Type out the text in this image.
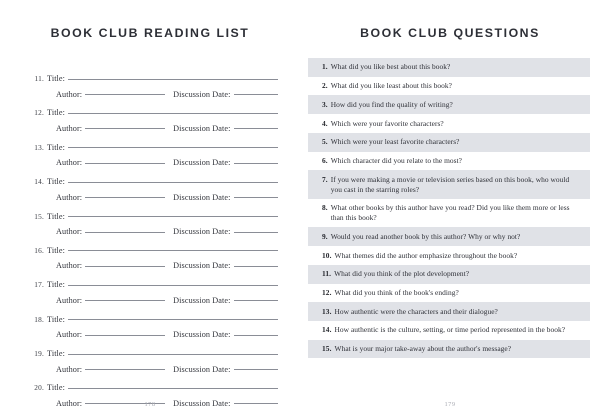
BOOK CLUB READING LIST
11. Title:
Author:	Discussion Date:
12. Title:
Author:	Discussion Date:
13. Title:
Author:	Discussion Date:
14. Title:
Author:	Discussion Date:
15. Title:
Author:	Discussion Date:
16. Title:
Author:	Discussion Date:
17. Title:
Author:	Discussion Date:
18. Title:
Author:	Discussion Date:
19. Title:
Author:	Discussion Date:
20. Title:
Author:	Discussion Date:
178
BOOK CLUB QUESTIONS
1. What did you like best about this book?
2. What did you like least about this book?
3. How did you find the quality of writing?
4. Which were your favorite characters?
5. Which were your least favorite characters?
6. Which character did you relate to the most?
7. If you were making a movie or television series based on this book, who would you cast in the starring roles?
8. What other books by this author have you read? Did you like them more or less than this book?
9. Would you read another book by this author? Why or why not?
10. What themes did the author emphasize throughout the book?
11. What did you think of the plot development?
12. What did you think of the book's ending?
13. How authentic were the characters and their dialogue?
14. How authentic is the culture, setting, or time period represented in the book?
15. What is your major take-away about the author's message?
179
